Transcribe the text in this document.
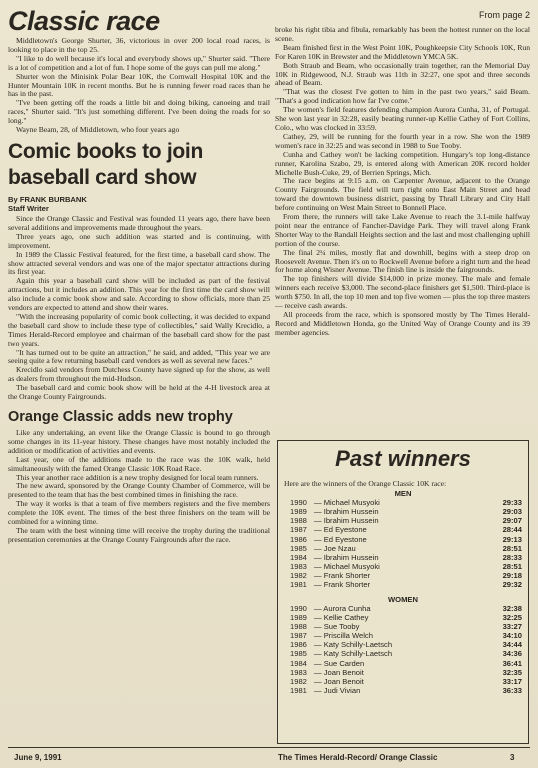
Classic race

Middletown's George Shurter, 36, victorious in over 200 local road races, is looking to place in the top 25.

"I like to do well because it's local and everybody shows up," Shurter said. "There is a lot of competition and a lot of fun. I hope some of the guys can pull me along."

Shurter won the Minisink Polar Bear 10K, the Cornwall Hospital 10K and the Hunter Mountain 10K in recent months. But he is running fewer road races than he has in the past.

"I've been getting off the roads a little bit and doing biking, canoeing and trail races," Shurter said. "It's just something different. I've been doing the roads for so long."

Wayne Beam, 28, of Middletown, who four years ago

Comic books to join baseball card show
By FRANK BURBANK
Staff Writer

Since the Orange Classic and Festival was founded 11 years ago, there have been several additions and improvements made throughout the years.

Three years ago, one such addition was started and is continuing, with improvement.

In 1989 the Classic Festival featured, for the first time, a baseball card show. The show attracted several vendors and was one of the major spectator attractions during its first year.

Again this year a baseball card show will be included as part of the festival attractions, but it includes an addition. This year for the first time the card show will also include a comic book show and sale. According to show officials, more than 25 vendors are expected to attend and show their wares.

"With the increasing popularity of comic book collecting, it was decided to expand the baseball card show to include these type of collectibles," said Wally Krecidlo, a Times Herald-Record employee and chairman of the baseball card show for the past two years.

"It has turned out to be quite an attraction," he said, and added, "This year we are seeing quite a few returning baseball card vendors as well as several new faces."

Krecidlo said vendors from Dutchess County have signed up for the show, as well as dealers from throughout the mid-Hudson.

The baseball card and comic book show will be held at the 4-H livestock area at the Orange County Fairgrounds.

Orange Classic adds new trophy

Like any undertaking, an event like the Orange Classic is bound to go through some changes in its 11-year history. These changes have most notably included the addition or modification of activities and events.

Last year, one of the additions made to the race was the 10K walk, held simultaneously with the famed Orange Classic 10K Road Race.

This year another race addition is a new trophy designed for local team runners.

The new award, sponsored by the Orange County Chamber of Commerce, will be presented to the team that has the best combined times in finishing the race.

The way it works is that a team of five members registers and the five members complete the 10K event. The times of the best three finishers on the team will be combined for a winning time.

The team with the best winning time will receive the trophy during the traditional presentation ceremonies at the Orange County Fairgrounds after the race.

From page 2

broke his right tibia and fibula, remarkably has been the hottest runner on the local scene.

Beam finished first in the West Point 10K, Poughkeepsie City Schools 10K, Run For Karen 10K in Brewster and the Middletown YMCA 5K.

Both Straub and Beam, who occasionally train together, ran the Memorial Day 10K in Ridgewood, N.J. Straub was 11th in 32:27, one spot and three seconds ahead of Beam.

"That was the closest I've gotten to him in the past two years," said Beam. "That's a good indication how far I've come."

The women's field features defending champion Aurora Cunha, 31, of Portugal. She won last year in 32:28, easily beating runner-up Kellie Cathey of Fort Collins, Colo., who was clocked in 33:59.

Cathey, 29, will be running for the fourth year in a row. She won the 1989 women's race in 32:25 and was second in 1988 to Sue Tooby.

Cunha and Cathey won't be lacking competition. Hungary's top long-distance runner, Karolina Szabo, 29, is entered along with American 20K record holder Michelle Bush-Cuke, 29, of Berrien Springs, Mich.

The race begins at 9:15 a.m. on Carpenter Avenue, adjacent to the Orange County Fairgrounds. The field will turn right onto East Main Street and head toward the downtown business district, passing by Thrall Library and City Hall before continuing on West Main Street to Bonnell Place.

From there, the runners will take Lake Avenue to reach the 3.1-mile halfway point near the entrance of Fancher-Davidge Park. They will travel along Frank Shorter Way to the Randall Heights section and the last and most challenging uphill portion of the course.

The final 2¼ miles, mostly flat and downhill, begins with a steep drop on Roosevelt Avenue. Then it's on to Rockwell Avenue before a right turn and the head for home along Wisner Avenue. The finish line is inside the fairgrounds.

The top finishers will divide $14,000 in prize money. The male and female winners each receive $3,000. The second-place finishers get $1,500. Third-place is worth $750. In all, the top 10 men and top five women — plus the top three masters — receive cash awards.

All proceeds from the race, which is sponsored mostly by The Times Herald-Record and Middletown Honda, go the United Way of Orange County and its 39 member agencies.

Past winners
Here are the winners of the Orange Classic 10K race:
MEN
1990 — Michael Musyoki	29:33
1989 — Ibrahim Hussein	29:03
1988 — Ibrahim Hussein	29:07
1987 — Ed Eyestone	28:44
1986 — Ed Eyestone	29:13
1985 — Joe Nzau	28:51
1984 — Ibrahim Hussein	28:33
1983 — Michael Musyoki	28:51
1982 — Frank Shorter	29:18
1981 — Frank Shorter	29:32
WOMEN
1990 — Aurora Cunha	32:38
1989 — Kellie Cathey	32:25
1988 — Sue Tooby	33:27
1987 — Priscilla Welch	34:10
1986 — Katy Schilly-Laetsch	34:44
1985 — Katy Schilly-Laetsch	34:36
1984 — Sue Carden	36:41
1983 — Joan Benoit	32:35
1982 — Joan Benoit	33:17
1981 — Judi Vivian	36:33
June 9, 1991	The Times Herald-Record/ Orange Classic	3
